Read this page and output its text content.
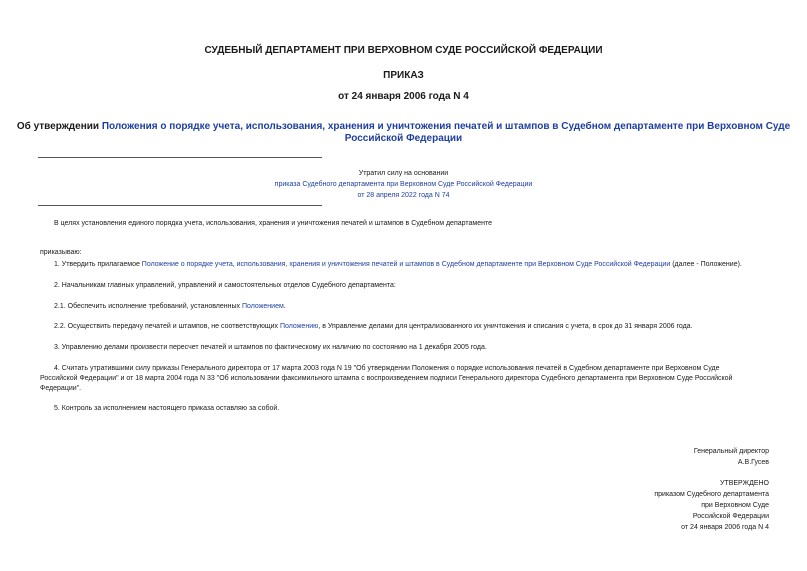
СУДЕБНЫЙ ДЕПАРТАМЕНТ ПРИ ВЕРХОВНОМ СУДЕ РОССИЙСКОЙ ФЕДЕРАЦИИ
ПРИКАЗ
от 24 января 2006 года N 4
Об утверждении Положения о порядке учета, использования, хранения и уничтожения печатей и штампов в Судебном департаменте при Верховном Суде
Российской Федерации
Утратил силу на основании
приказа Судебного департамента при Верховном Суде Российской Федерации
от 28 апреля 2022 года N 74
В целях установления единого порядка учета, использования, хранения и уничтожения печатей и штампов в Судебном департаменте
приказываю:
1. Утвердить прилагаемое Положение о порядке учета, использования, хранения и уничтожения печатей и штампов в Судебном департаменте при Верховном Суде Российской Федерации (далее - Положение).
2. Начальникам главных управлений, управлений и самостоятельных отделов Судебного департамента:
2.1. Обеспечить исполнение требований, установленных Положением.
2.2. Осуществить передачу печатей и штампов, не соответствующих Положению, в Управление делами для централизованного их уничтожения и списания с учета, в срок до 31 января 2006 года.
3. Управлению делами произвести пересчет печатей и штампов по фактическому их наличию по состоянию на 1 декабря 2005 года.
4. Считать утратившими силу приказы Генерального директора от 17 марта 2003 года N 19 "Об утверждении Положения о порядке использования печатей в Судебном департаменте при Верховном Суде
Российской Федерации" и от 18 марта 2004 года N 33 "Об использовании факсимильного штампа с воспроизведением подписи Генерального директора Судебного департамента при Верховном Суде Российской
Федерации".
5. Контроль за исполнением настоящего приказа оставляю за собой.
Генеральный директор
А.В.Гусев
УТВЕРЖДЕНО
приказом Судебного департамента
при Верховном Суде
Российской Федерации
от 24 января 2006 года N 4
